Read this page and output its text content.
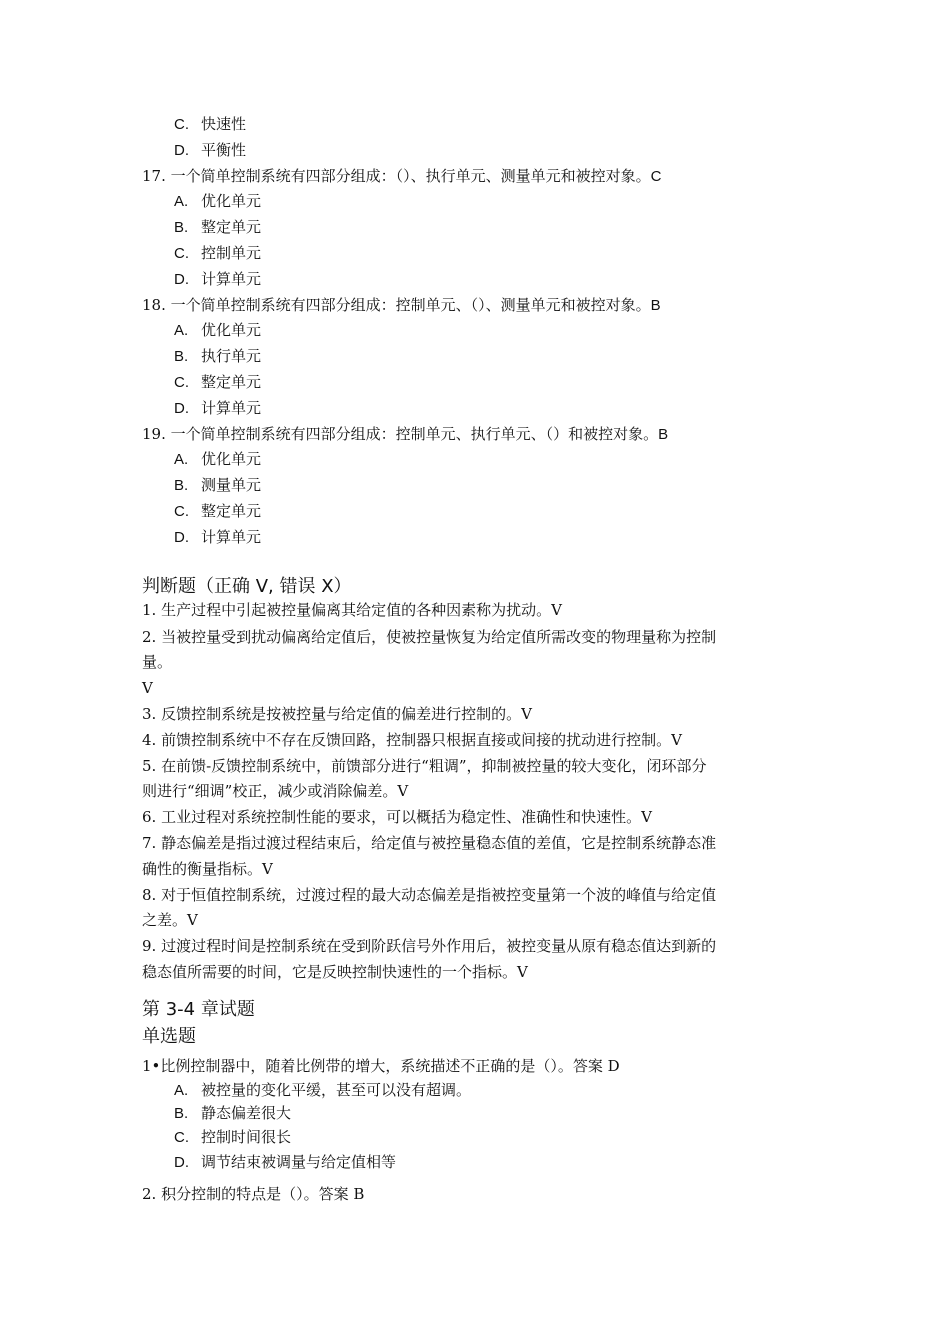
C. 快速性
D. 平衡性
17. 一个简单控制系统有四部分组成：（）、执行单元、测量单元和被控对象。C
A. 优化单元
B. 整定单元
C. 控制单元
D. 计算单元
18. 一个简单控制系统有四部分组成：控制单元、（）、测量单元和被控对象。B
A. 优化单元
B. 执行单元
C. 整定单元
D. 计算单元
19. 一个简单控制系统有四部分组成：控制单元、执行单元、（）和被控对象。B
A. 优化单元
B. 测量单元
C. 整定单元
D. 计算单元
判断题（正确 V, 错误 X）
1. 生产过程中引起被控量偏离其给定值的各种因素称为扰动。V
2. 当被控量受到扰动偏离给定值后，使被控量恢复为给定值所需改变的物理量称为控制
量。
V
3. 反馈控制系统是按被控量与给定值的偏差进行控制的。V
4. 前馈控制系统中不存在反馈回路，控制器只根据直接或间接的扰动进行控制。V
5. 在前馈-反馈控制系统中，前馈部分进行“粗调”，抑制被控量的较大变化，闭环部分
则进行“细调”校正，减少或消除偏差。V
6. 工业过程对系统控制性能的要求，可以概括为稳定性、准确性和快速性。V
7. 静态偏差是指过渡过程结束后，给定值与被控量稳态值的差值，它是控制系统静态准
确性的衡量指标。V
8. 对于恒值控制系统，过渡过程的最大动态偏差是指被控变量第一个波的峰值与给定值
之差。V
9. 过渡过程时间是控制系统在受到阶跃信号外作用后，被控变量从原有稳态值达到新的
稳态值所需要的时间，它是反映控制快速性的一个指标。V
第 3-4 章试题
单选题
1•比例控制器中，随着比例带的增大，系统描述不正确的是（）。答案 D
A. 被控量的变化平缓，甚至可以没有超调。
B. 静态偏差很大
C. 控制时间很长
D. 调节结束被调量与给定值相等
2. 积分控制的特点是（）。答案 B
